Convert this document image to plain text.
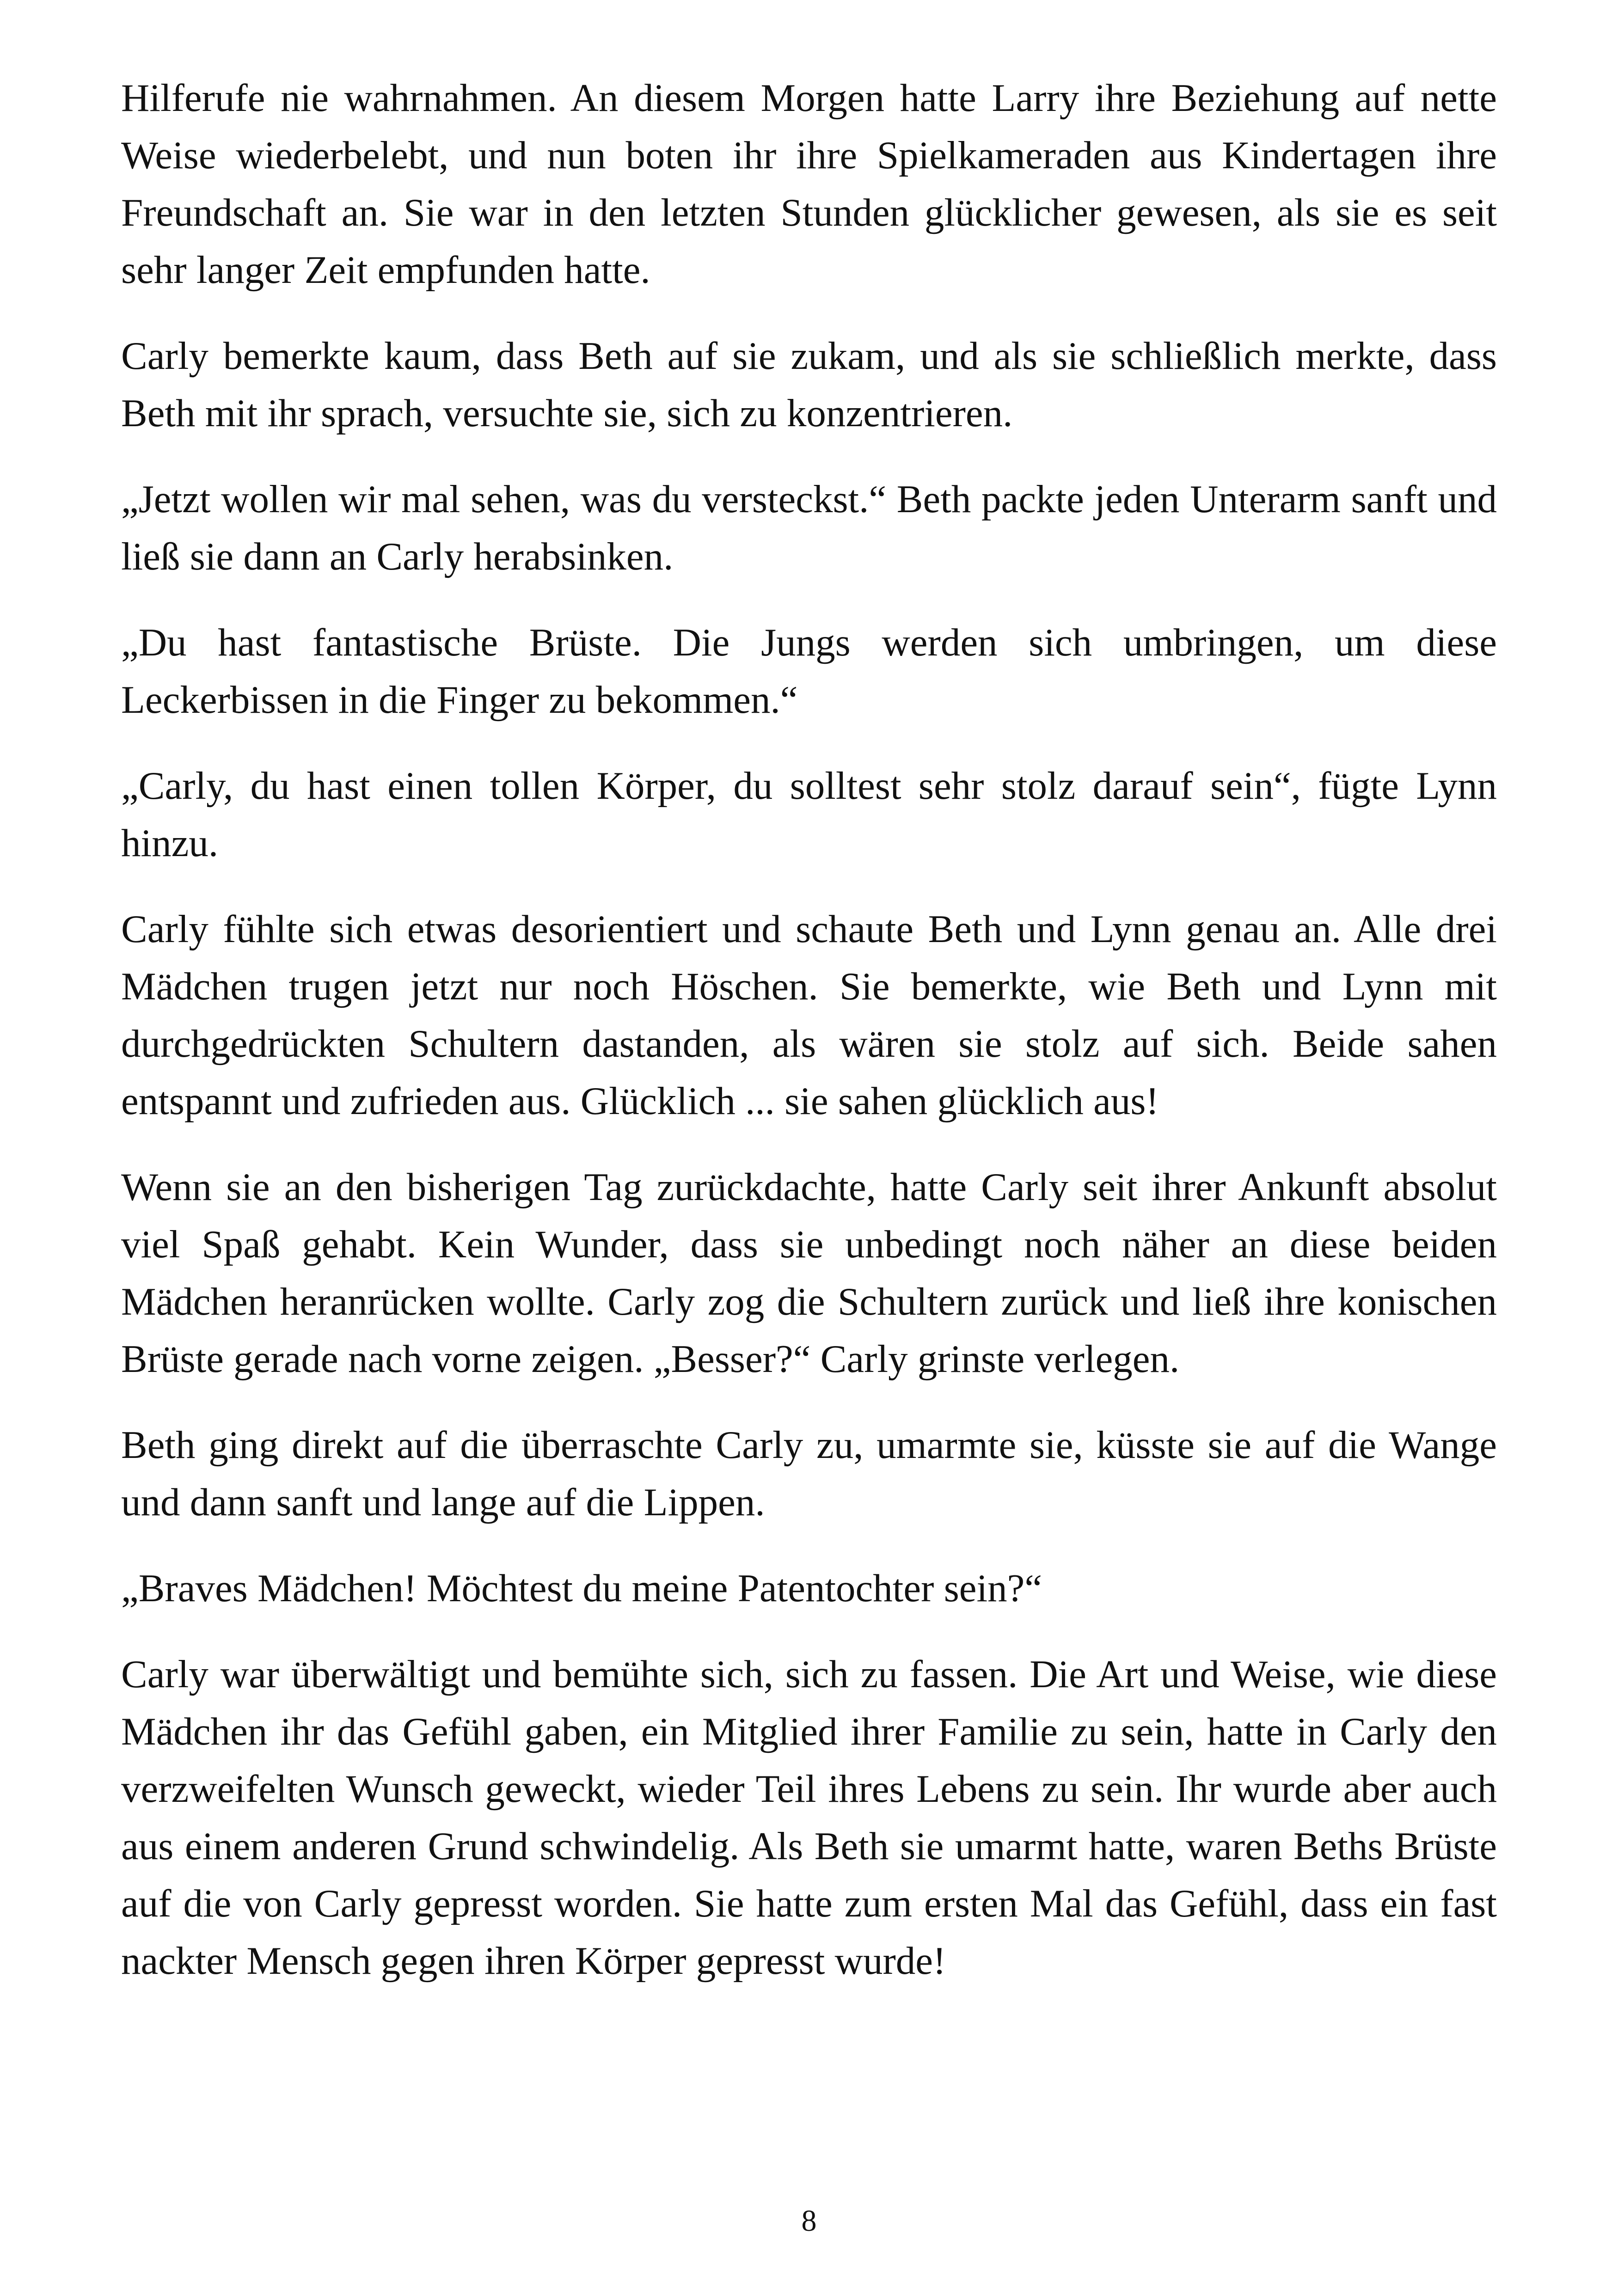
Hilferufe nie wahrnahmen. An diesem Morgen hatte Larry ihre Beziehung auf nette Weise wiederbelebt, und nun boten ihr ihre Spielkameraden aus Kindertagen ihre Freundschaft an. Sie war in den letzten Stunden glücklicher gewesen, als sie es seit sehr langer Zeit empfunden hatte.

Carly bemerkte kaum, dass Beth auf sie zukam, und als sie schließlich merkte, dass Beth mit ihr sprach, versuchte sie, sich zu konzentrieren.

„Jetzt wollen wir mal sehen, was du versteckst.“ Beth packte jeden Unterarm sanft und ließ sie dann an Carly herabsinken.

„Du hast fantastische Brüste. Die Jungs werden sich umbringen, um diese Leckerbissen in die Finger zu bekommen.“

„Carly, du hast einen tollen Körper, du solltest sehr stolz darauf sein“, fügte Lynn hinzu.

Carly fühlte sich etwas desorientiert und schaute Beth und Lynn genau an. Alle drei Mädchen trugen jetzt nur noch Höschen. Sie bemerkte, wie Beth und Lynn mit durchgedrückten Schultern dastanden, als wären sie stolz auf sich. Beide sahen entspannt und zufrieden aus. Glücklich ... sie sahen glücklich aus!

Wenn sie an den bisherigen Tag zurückdachte, hatte Carly seit ihrer Ankunft absolut viel Spaß gehabt. Kein Wunder, dass sie unbedingt noch näher an diese beiden Mädchen heranrücken wollte. Carly zog die Schultern zurück und ließ ihre konischen Brüste gerade nach vorne zeigen. „Besser?“ Carly grinste verlegen.

Beth ging direkt auf die überraschte Carly zu, umarmte sie, küsste sie auf die Wange und dann sanft und lange auf die Lippen.

„Braves Mädchen! Möchtest du meine Patentochter sein?“

Carly war überwältigt und bemühte sich, sich zu fassen. Die Art und Weise, wie diese Mädchen ihr das Gefühl gaben, ein Mitglied ihrer Familie zu sein, hatte in Carly den verzweifelten Wunsch geweckt, wieder Teil ihres Lebens zu sein. Ihr wurde aber auch aus einem anderen Grund schwindelig. Als Beth sie umarmt hatte, waren Beths Brüste auf die von Carly gepresst worden. Sie hatte zum ersten Mal das Gefühl, dass ein fast nackter Mensch gegen ihren Körper gepresst wurde!

8
